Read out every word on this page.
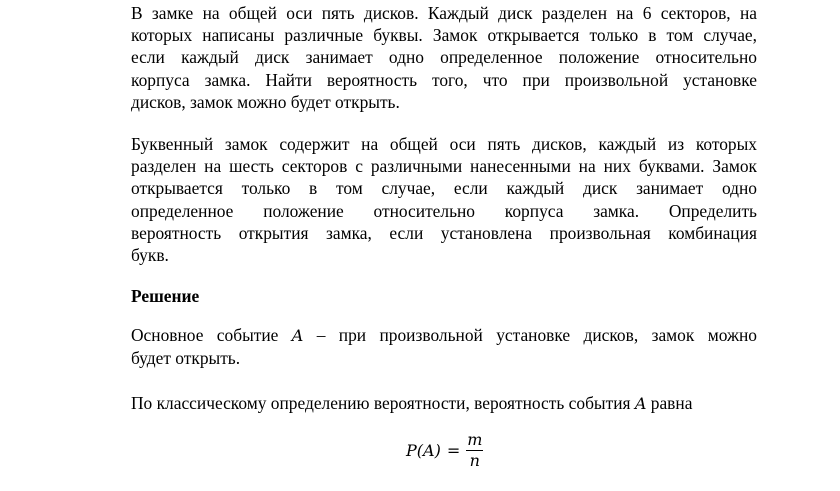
В замке на общей оси пять дисков. Каждый диск разделен на 6 секторов, на
которых написаны различные буквы. Замок открывается только в том случае,
если каждый диск занимает одно определенное положение относительно
корпуса замка. Найти вероятность того, что при произвольной установке
дисков, замок можно будет открыть.
Буквенный замок содержит на общей оси пять дисков, каждый из которых
разделен на шесть секторов с различными нанесенными на них буквами. Замок
открывается только в том случае, если каждый диск занимает одно
определенное положение относительно корпуса замка. Определить
вероятность открытия замка, если установлена произвольная комбинация
букв.
Решение
Основное событие A – при произвольной установке дисков, замок можно
будет открыть.
По классическому определению вероятности, вероятность события A равна
$P(A) = \frac{m}{n}$
